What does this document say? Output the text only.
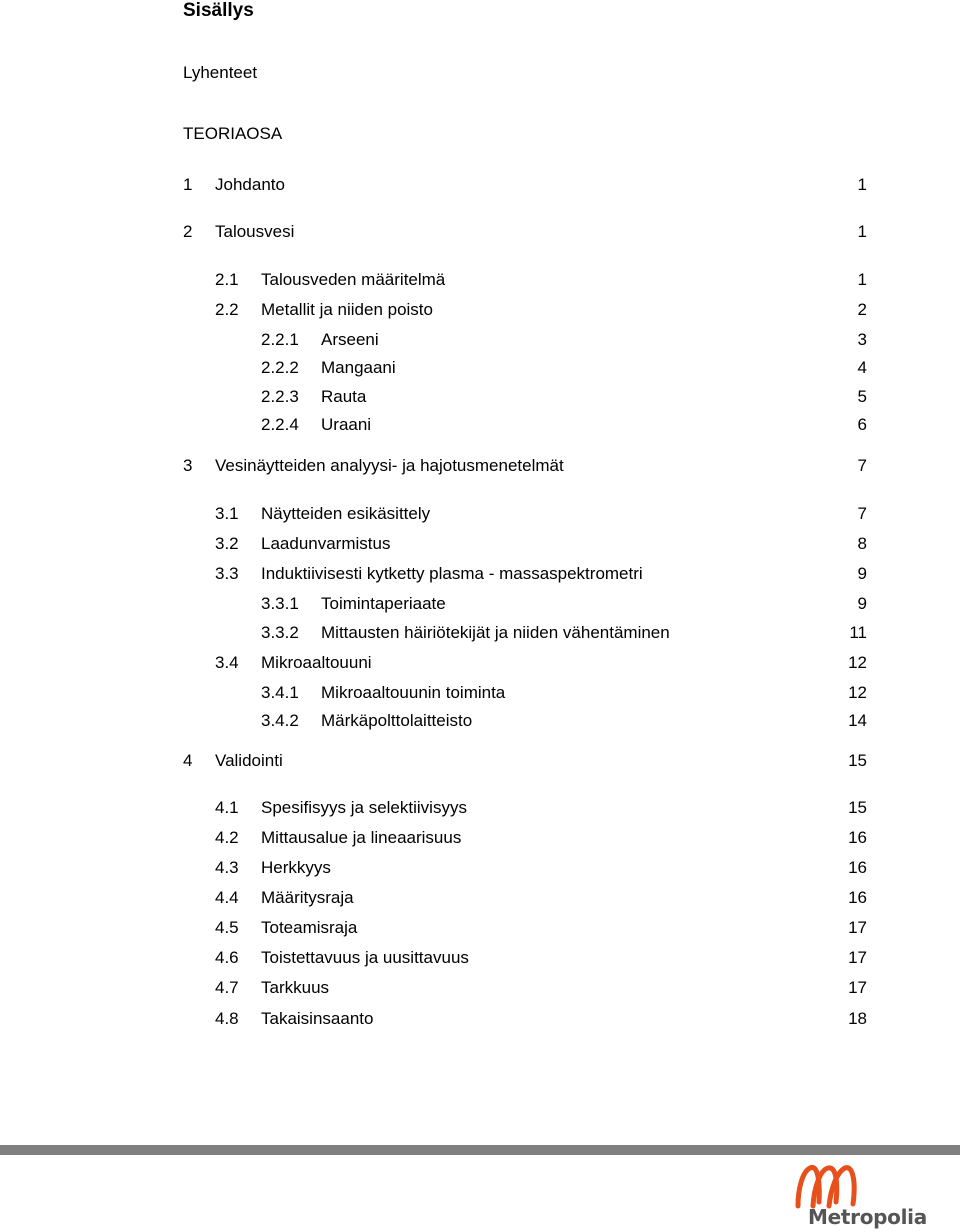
Sisällys
Lyhenteet
TEORIAOSA
1 Johdanto	1
2 Talousvesi	1
2.1 Talousveden määritelmä	1
2.2 Metallit ja niiden poisto	2
2.2.1 Arseeni	3
2.2.2 Mangaani	4
2.2.3 Rauta	5
2.2.4 Uraani	6
3 Vesinäytteiden analyysi- ja hajotusmenetelmät	7
3.1 Näytteiden esikäsittely	7
3.2 Laadunvarmistus	8
3.3 Induktiivisesti kytketty plasma - massaspektrometri	9
3.3.1 Toimintaperiaate	9
3.3.2 Mittausten häiriötekijät ja niiden vähentäminen	11
3.4 Mikroaaltouuni	12
3.4.1 Mikroaaltouunin toiminta	12
3.4.2 Märkäpolttolaitteisto	14
4 Validointi	15
4.1 Spesifisyys ja selektiivisyys	15
4.2 Mittausalue ja lineaarisuus	16
4.3 Herkkyys	16
4.4 Määritysraja	16
4.5 Toteamisraja	17
4.6 Toistettavuus ja uusittavuus	17
4.7 Tarkkuus	17
4.8 Takaisinsaanto	18
Metropolia
